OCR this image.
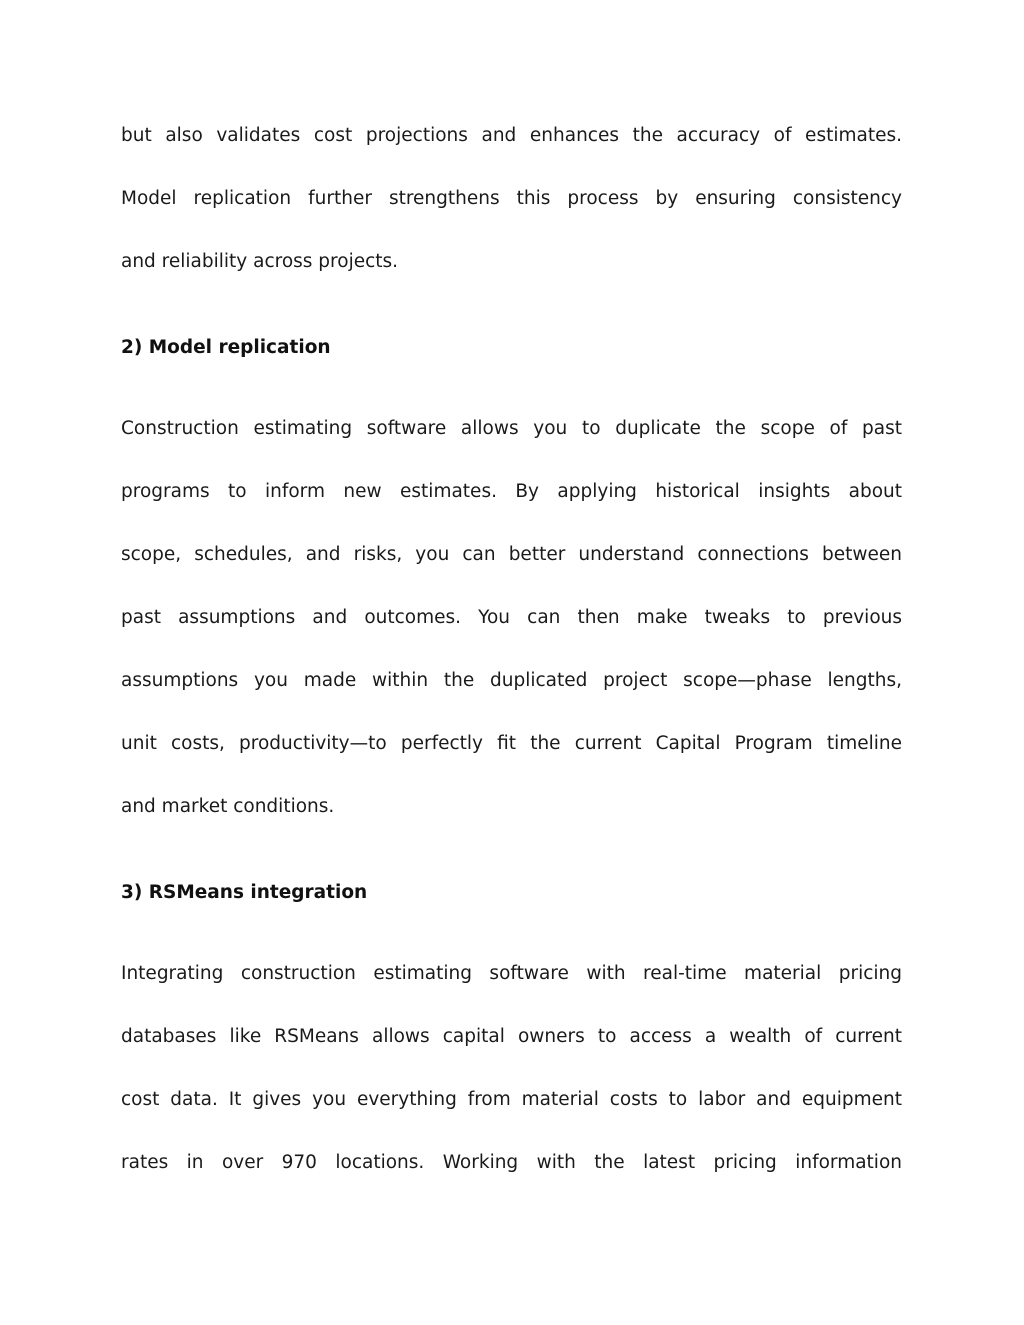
but also validates cost projections and enhances the accuracy of estimates.
Model replication further strengthens this process by ensuring consistency
and reliability across projects.
2) Model replication
Construction estimating software allows you to duplicate the scope of past
programs to inform new estimates. By applying historical insights about
scope, schedules, and risks, you can better understand connections between
past assumptions and outcomes. You can then make tweaks to previous
assumptions you made within the duplicated project scope—phase lengths,
unit costs, productivity—to perfectly fit the current Capital Program timeline
and market conditions.
3) RSMeans integration
Integrating construction estimating software with real-time material pricing
databases like RSMeans allows capital owners to access a wealth of current
cost data. It gives you everything from material costs to labor and equipment
rates in over 970 locations. Working with the latest pricing information
